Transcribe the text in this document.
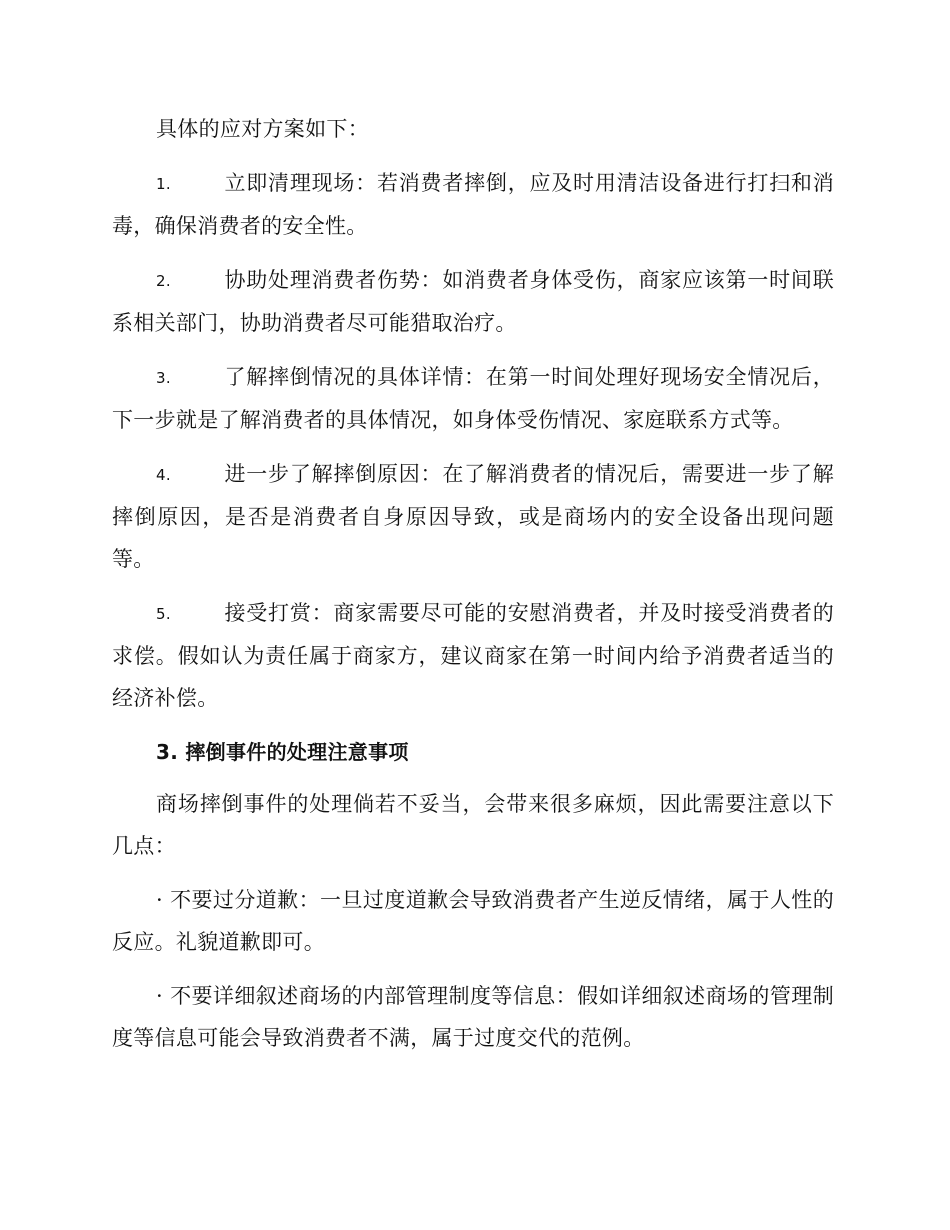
具体的应对方案如下：

1.	立即清理现场：若消费者摔倒，应及时用清洁设备进行打扫和消毒，确保消费者的安全性。

2.	协助处理消费者伤势：如消费者身体受伤，商家应该第一时间联系相关部门，协助消费者尽可能猎取治疗。

3.	了解摔倒情况的具体详情：在第一时间处理好现场安全情况后，下一步就是了解消费者的具体情况，如身体受伤情况、家庭联系方式等。

4.	进一步了解摔倒原因：在了解消费者的情况后，需要进一步了解摔倒原因，是否是消费者自身原因导致，或是商场内的安全设备出现问题等。

5.	接受打赏：商家需要尽可能的安慰消费者，并及时接受消费者的求偿。假如认为责任属于商家方，建议商家在第一时间内给予消费者适当的经济补偿。

3. 摔倒事件的处理注意事项

商场摔倒事件的处理倘若不妥当，会带来很多麻烦，因此需要注意以下几点：

· 不要过分道歉：一旦过度道歉会导致消费者产生逆反情绪，属于人性的反应。礼貌道歉即可。

· 不要详细叙述商场的内部管理制度等信息：假如详细叙述商场的管理制度等信息可能会导致消费者不满，属于过度交代的范例。
